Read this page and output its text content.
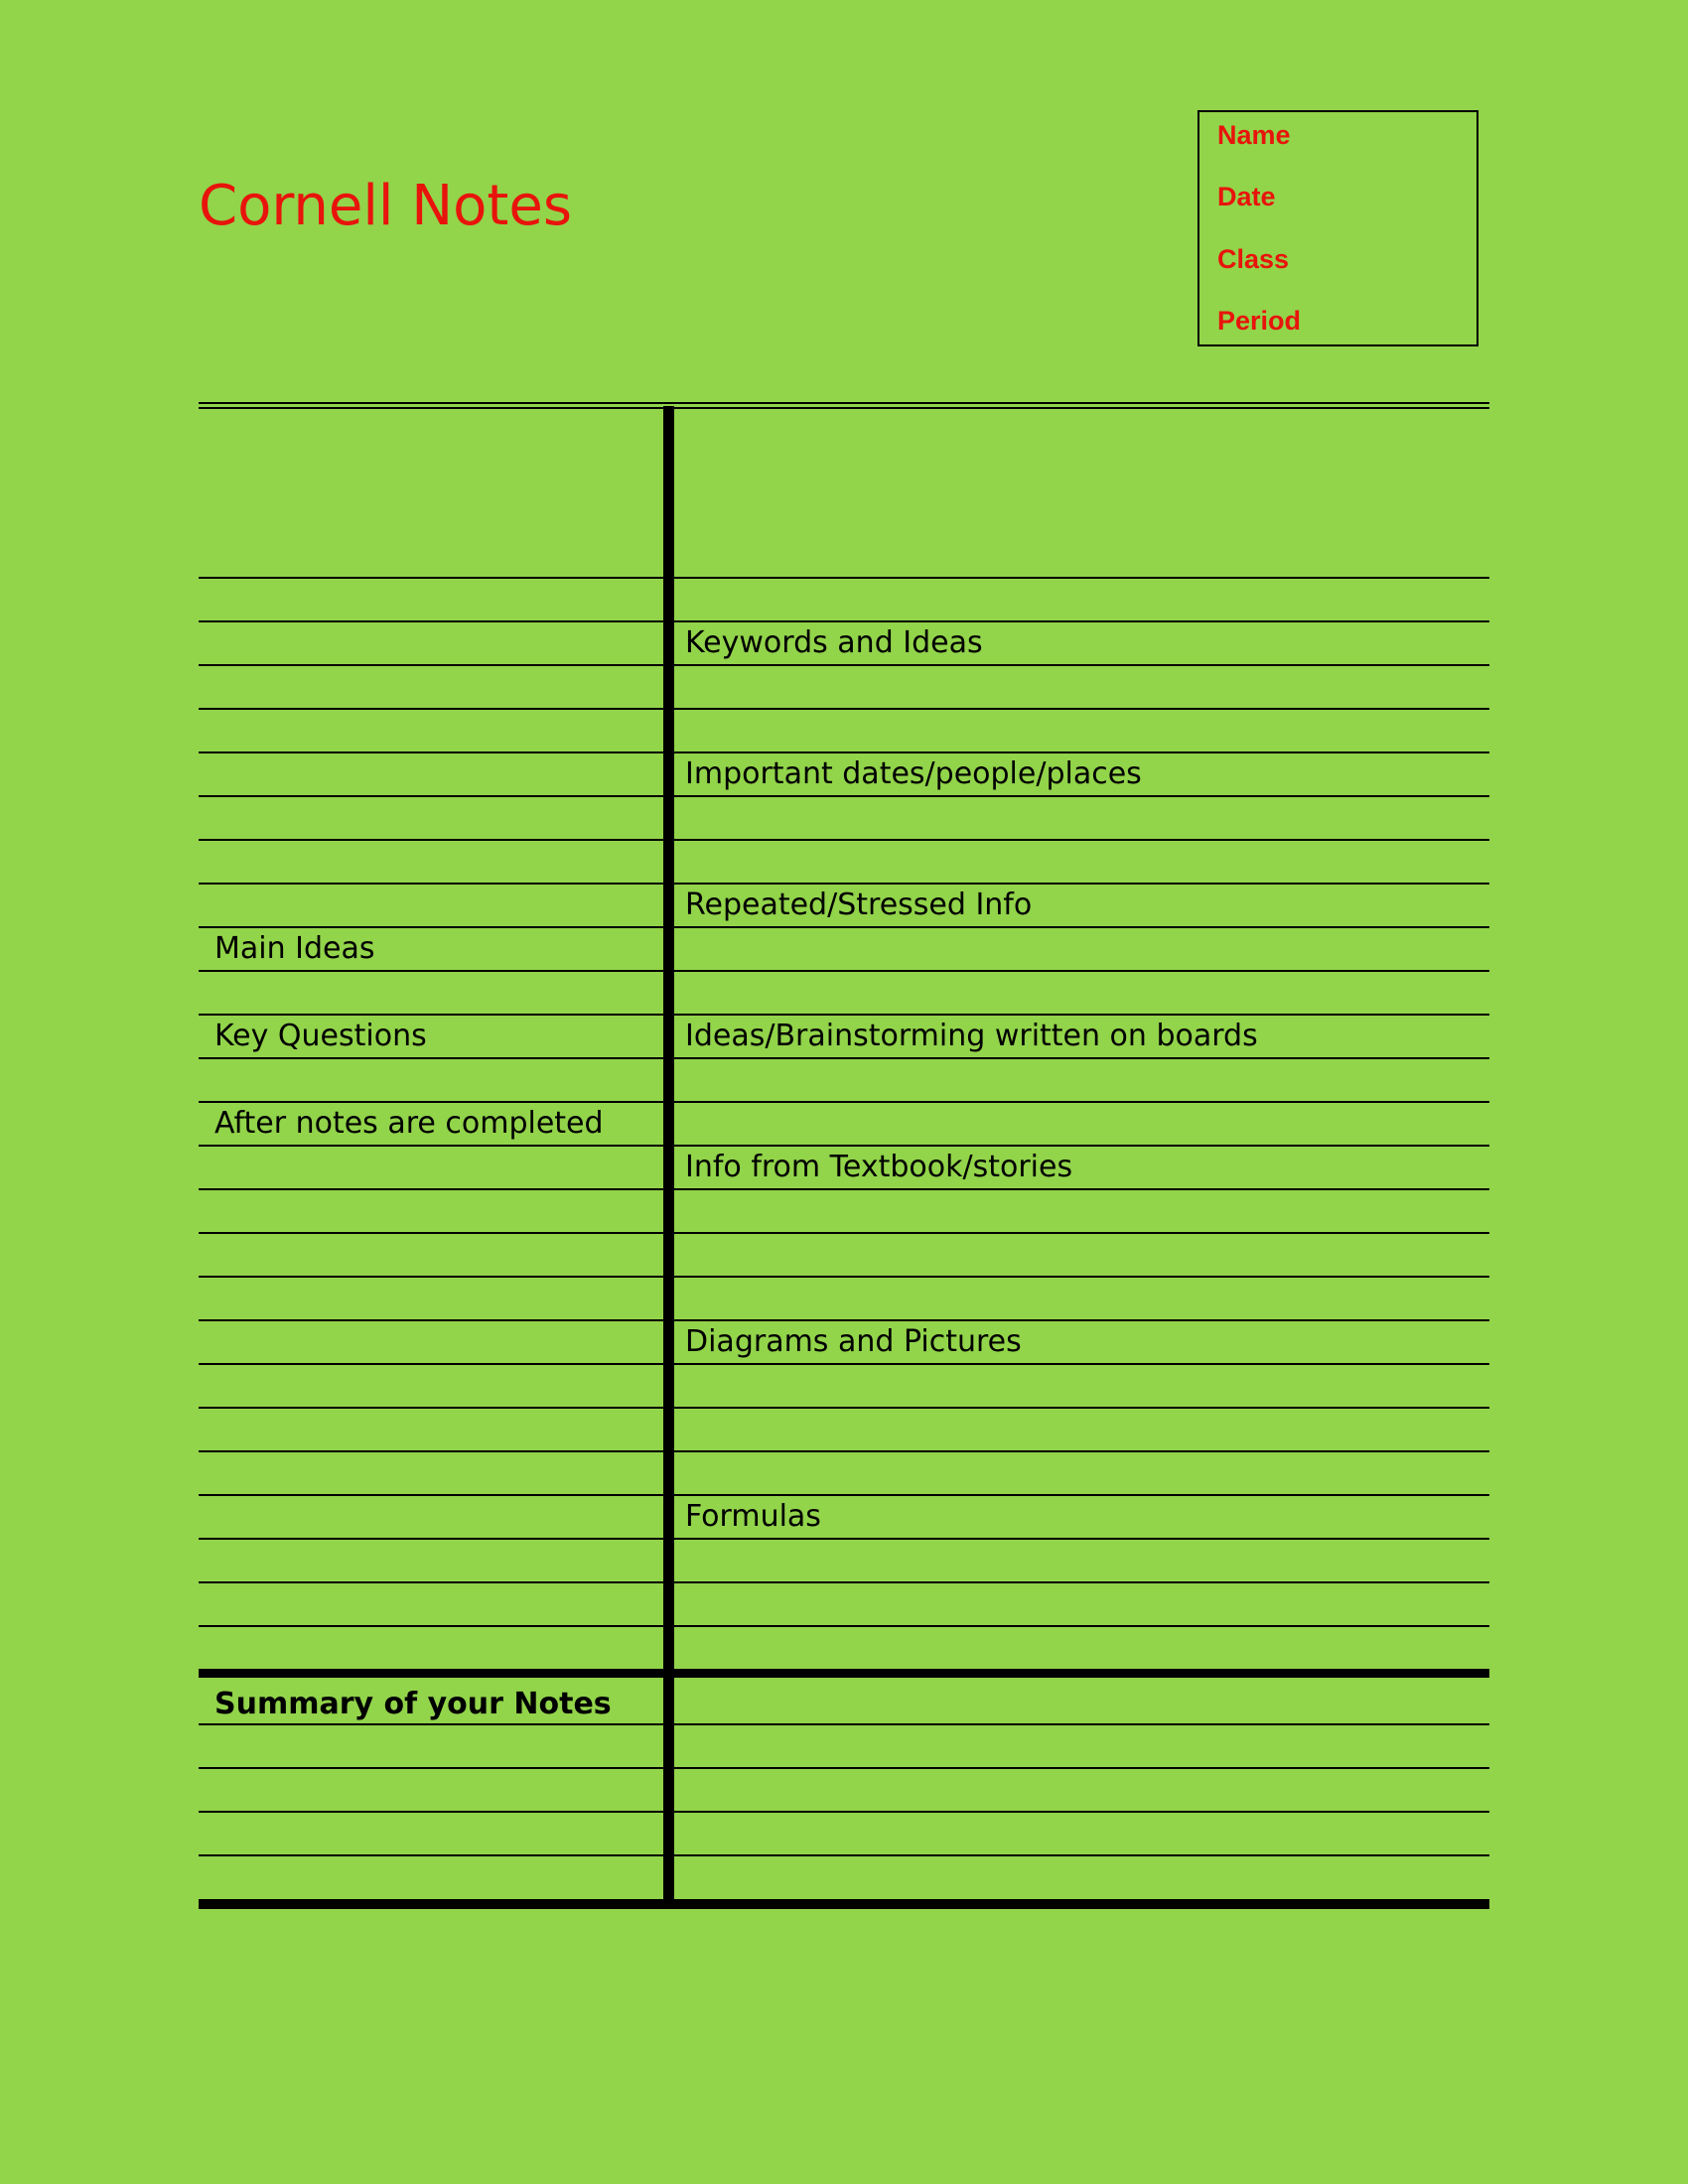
Cornell Notes
Name
Date
Class
Period
Keywords and Ideas
Important dates/people/places
Repeated/Stressed Info
Ideas/Brainstorming written on boards
Info from Textbook/stories
Diagrams and Pictures
Formulas
Main Ideas
Key Questions
After notes are completed
Summary of your Notes
